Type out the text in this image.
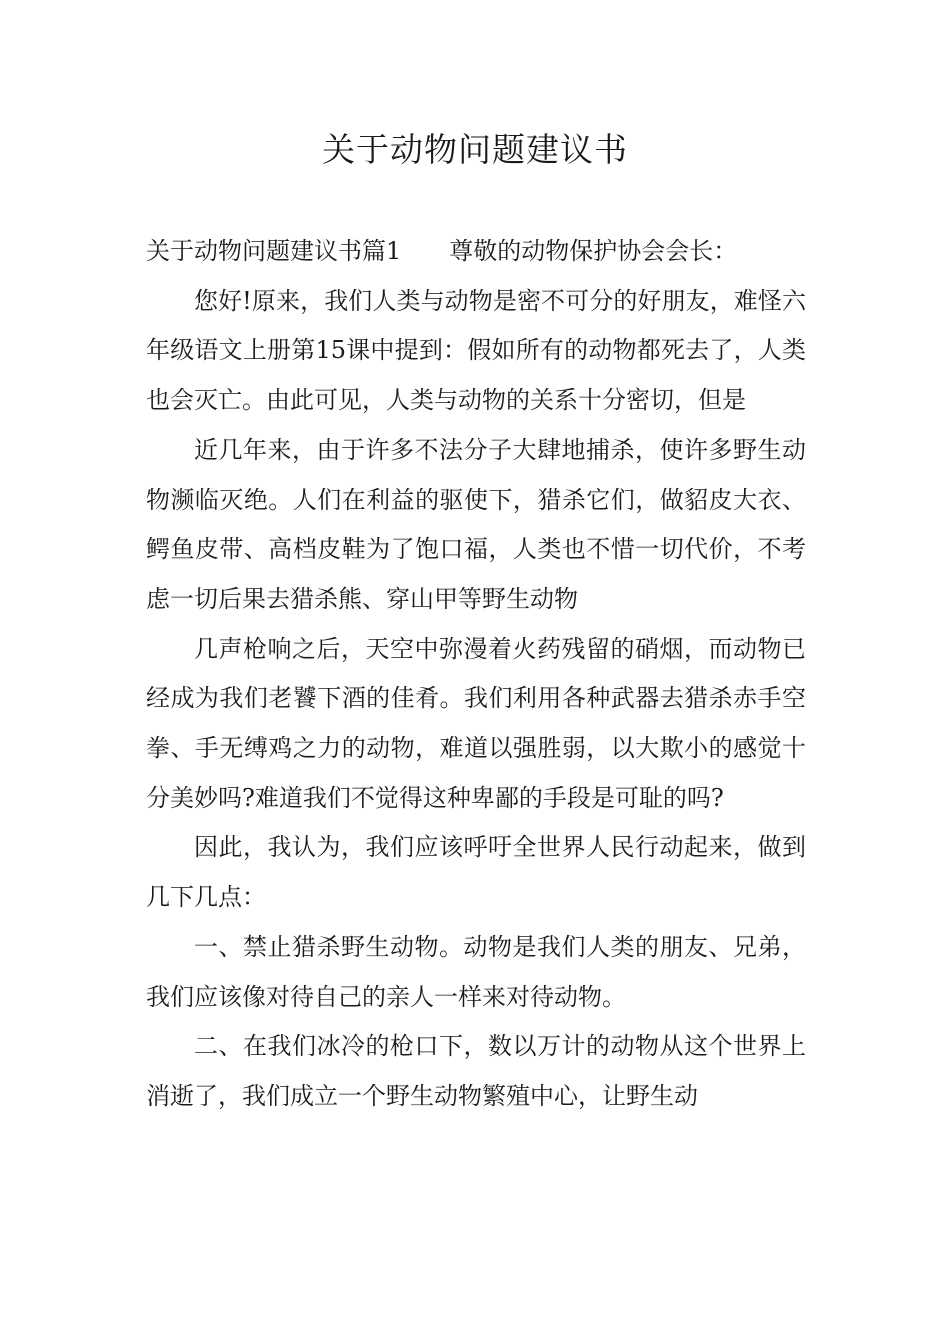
关于动物问题建议书

关于动物问题建议书篇1 尊敬的动物保护协会会长：

您好!原来，我们人类与动物是密不可分的好朋友，难怪六年级语文上册第15课中提到：假如所有的动物都死去了，人类也会灭亡。由此可见，人类与动物的关系十分密切，但是

近几年来，由于许多不法分子大肆地捕杀，使许多野生动物濒临灭绝。人们在利益的驱使下，猎杀它们，做貂皮大衣、鳄鱼皮带、高档皮鞋为了饱口福，人类也不惜一切代价，不考虑一切后果去猎杀熊、穿山甲等野生动物

几声枪响之后，天空中弥漫着火药残留的硝烟，而动物已经成为我们老饕下酒的佳肴。我们利用各种武器去猎杀赤手空拳、手无缚鸡之力的动物，难道以强胜弱，以大欺小的感觉十分美妙吗?难道我们不觉得这种卑鄙的手段是可耻的吗?

因此，我认为，我们应该呼吁全世界人民行动起来，做到几下几点：

一、禁止猎杀野生动物。动物是我们人类的朋友、兄弟，我们应该像对待自己的亲人一样来对待动物。

二、在我们冰冷的枪口下，数以万计的动物从这个世界上消逝了，我们成立一个野生动物繁殖中心，让野生动
